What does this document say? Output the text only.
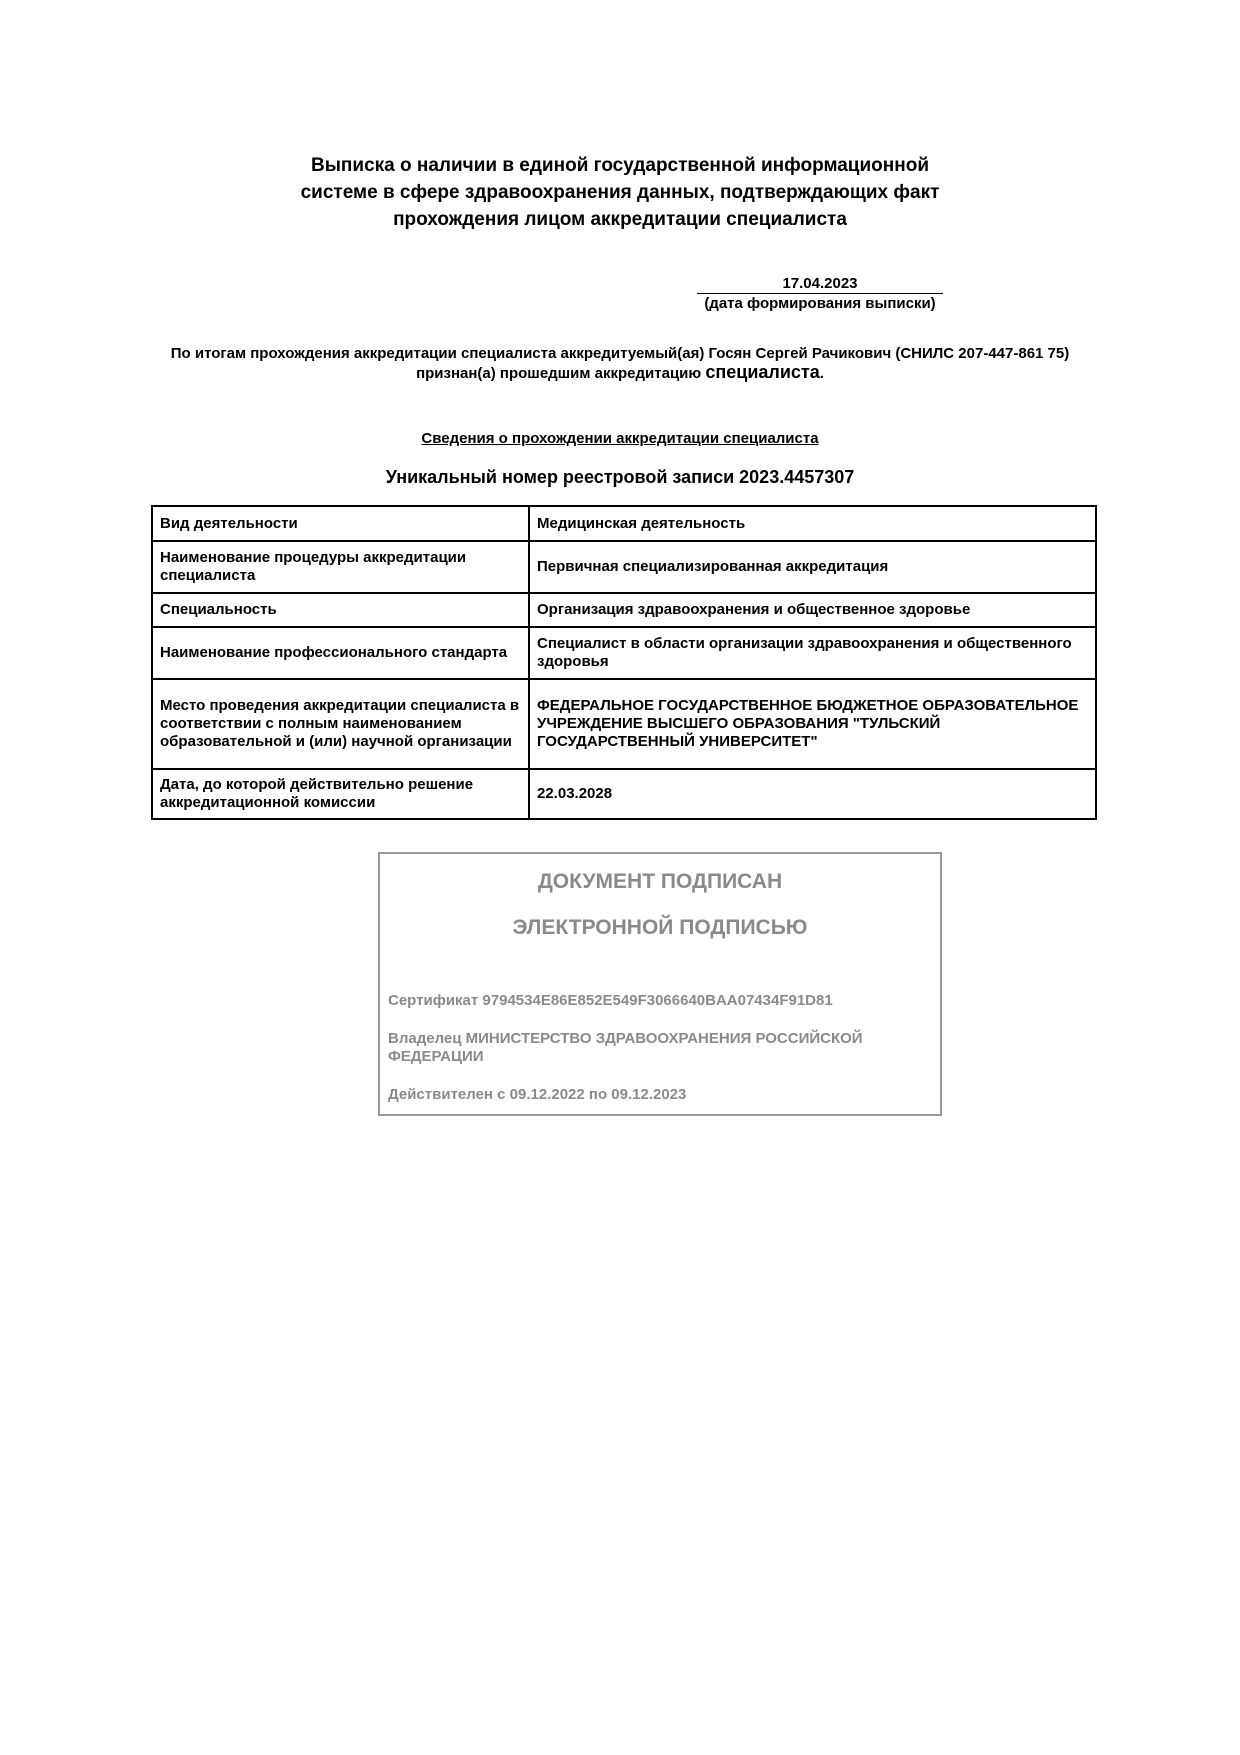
Выписка о наличии в единой государственной информационной
системе в сфере здравоохранения данных, подтверждающих факт
прохождения лицом аккредитации специалиста
17.04.2023
(дата формирования выписки)
По итогам прохождения аккредитации специалиста аккредитуемый(ая) Госян Сергей Рачикович (СНИЛС 207-447-861 75)
признан(а) прошедшим аккредитацию специалиста.
Сведения о прохождении аккредитации специалиста
Уникальный номер реестровой записи 2023.4457307
Вид деятельности	Медицинская деятельность
Наименование процедуры аккредитации специалиста	Первичная специализированная аккредитация
Специальность	Организация здравоохранения и общественное здоровье
Наименование профессионального стандарта	Специалист в области организации здравоохранения и общественного здоровья
Место проведения аккредитации специалиста в соответствии с полным наименованием образовательной и (или) научной организации	ФЕДЕРАЛЬНОЕ ГОСУДАРСТВЕННОЕ БЮДЖЕТНОЕ ОБРАЗОВАТЕЛЬНОЕ УЧРЕЖДЕНИЕ ВЫСШЕГО ОБРАЗОВАНИЯ "ТУЛЬСКИЙ ГОСУДАРСТВЕННЫЙ УНИВЕРСИТЕТ"
Дата, до которой действительно решение аккредитационной комиссии	22.03.2028
ДОКУМЕНТ ПОДПИСАН
ЭЛЕКТРОННОЙ ПОДПИСЬЮ
Сертификат 9794534E86E852E549F3066640BAA07434F91D81
Владелец МИНИСТЕРСТВО ЗДРАВООХРАНЕНИЯ РОССИЙСКОЙ ФЕДЕРАЦИИ
Действителен с 09.12.2022 по 09.12.2023
